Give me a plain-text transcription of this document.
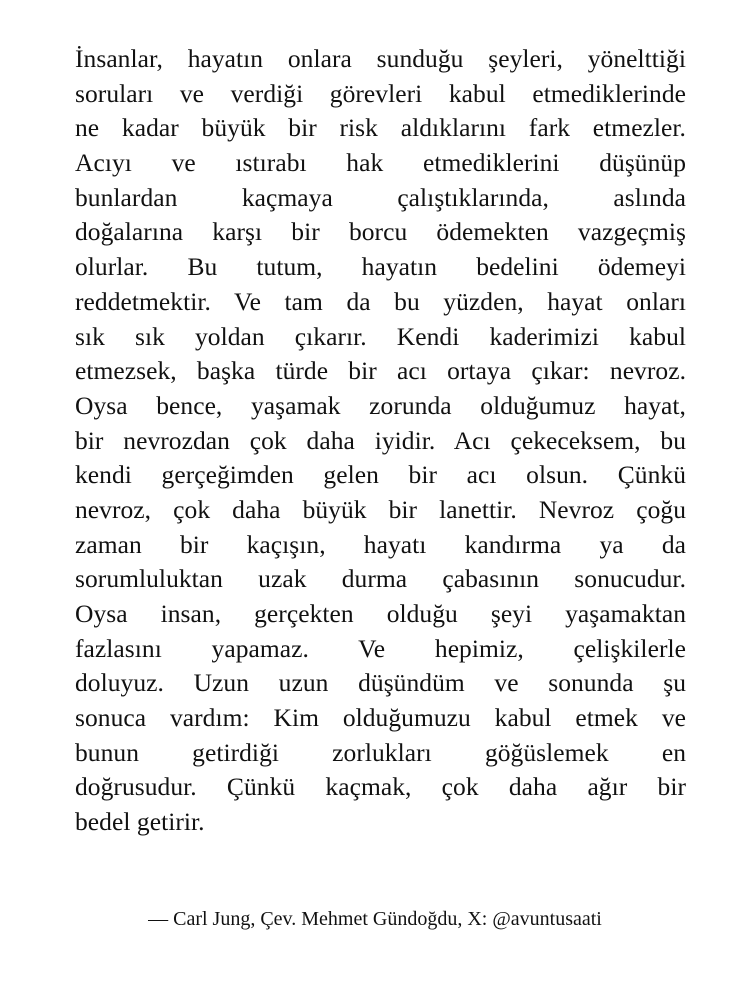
İnsanlar, hayatın onlara sunduğu şeyleri, yönelttiği
soruları ve verdiği görevleri kabul etmediklerinde
ne kadar büyük bir risk aldıklarını fark etmezler.
Acıyı ve ıstırabı hak etmediklerini düşünüp
bunlardan kaçmaya çalıştıklarında, aslında
doğalarına karşı bir borcu ödemekten vazgeçmiş
olurlar. Bu tutum, hayatın bedelini ödemeyi
reddetmektir. Ve tam da bu yüzden, hayat onları
sık sık yoldan çıkarır. Kendi kaderimizi kabul
etmezsek, başka türde bir acı ortaya çıkar: nevroz.
Oysa bence, yaşamak zorunda olduğumuz hayat,
bir nevrozdan çok daha iyidir. Acı çekeceksem, bu
kendi gerçeğimden gelen bir acı olsun. Çünkü
nevroz, çok daha büyük bir lanettir. Nevroz çoğu
zaman bir kaçışın, hayatı kandırma ya da
sorumluluktan uzak durma çabasının sonucudur.
Oysa insan, gerçekten olduğu şeyi yaşamaktan
fazlasını yapamaz. Ve hepimiz, çelişkilerle
doluyuz. Uzun uzun düşündüm ve sonunda şu
sonuca vardım: Kim olduğumuzu kabul etmek ve
bunun getirdiği zorlukları göğüslemek en
doğrusudur. Çünkü kaçmak, çok daha ağır bir
bedel getirir.
— Carl Jung, Çev. Mehmet Gündoğdu, X: @avuntusaati
